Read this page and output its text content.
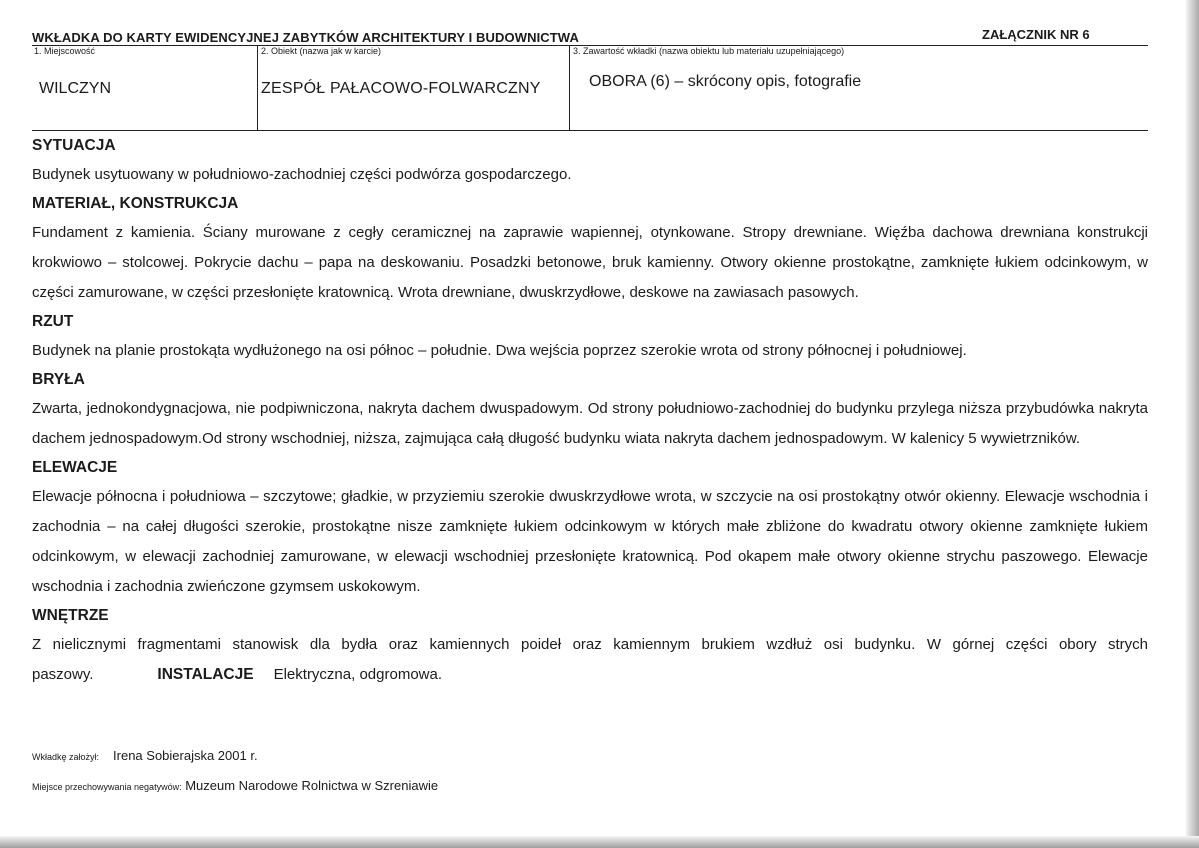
WKŁADKA DO KARTY EWIDENCYJNEJ ZABYTKÓW ARCHITEKTURY I BUDOWNICTWA	ZAŁĄCZNIK NR 6
1. Miejscowość	2. Obiekt (nazwa jak w karcie)	3. Zawartość wkładki (nazwa obiektu lub materiału uzupełniającego)
WILCZYN	ZESPÓŁ PAŁACOWO-FOLWARCZNY	OBORA (6) – skrócony opis, fotografie

SYTUACJA

Budynek usytuowany w południowo-zachodniej części podwórza gospodarczego.

MATERIAŁ, KONSTRUKCJA

Fundament z kamienia. Ściany murowane z cegły ceramicznej na zaprawie wapiennej, otynkowane. Stropy drewniane. Więźba dachowa drewniana konstrukcji krokwiowo – stolcowej. Pokrycie dachu – papa na deskowaniu. Posadzki betonowe, bruk kamienny. Otwory okienne prostokątne, zamknięte łukiem odcinkowym, w części zamurowane, w części przesłonięte kratownicą. Wrota drewniane, dwuskrzydłowe, deskowe na zawiasach pasowych.

RZUT

Budynek na planie prostokąta wydłużonego na osi północ – południe. Dwa wejścia poprzez szerokie wrota od strony północnej i południowej.

BRYŁA

Zwarta, jednokondygnacjowa, nie podpiwniczona, nakryta dachem dwuspadowym. Od strony południowo-zachodniej do budynku przylega niższa przybudówka nakryta dachem jednospadowym.Od strony wschodniej, niższa, zajmująca całą długość budynku wiata nakryta dachem jednospadowym. W kalenicy 5 wywietrzników.

ELEWACJE

Elewacje północna i południowa – szczytowe; gładkie, w przyziemiu szerokie dwuskrzydłowe wrota, w szczycie na osi prostokątny otwór okienny. Elewacje wschodnia i zachodnia – na całej długości szerokie, prostokątne nisze zamknięte łukiem odcinkowym w których małe zbliżone do kwadratu otwory okienne zamknięte łukiem odcinkowym, w elewacji zachodniej zamurowane, w elewacji wschodniej przesłonięte kratownicą. Pod okapem małe otwory okienne strychu paszowego. Elewacje wschodnia i zachodnia zwieńczone gzymsem uskokowym.

WNĘTRZE

Z nielicznymi fragmentami stanowisk dla bydła oraz kamiennych poideł oraz kamiennym brukiem wzdłuż osi budynku. W górnej części obory strych paszowy.	INSTALACJE Elektryczna, odgromowa.

Wkładkę założył: Irena Sobierajska 2001 r.
Miejsce przechowywania negatywów: Muzeum Narodowe Rolnictwa w Szreniawie
